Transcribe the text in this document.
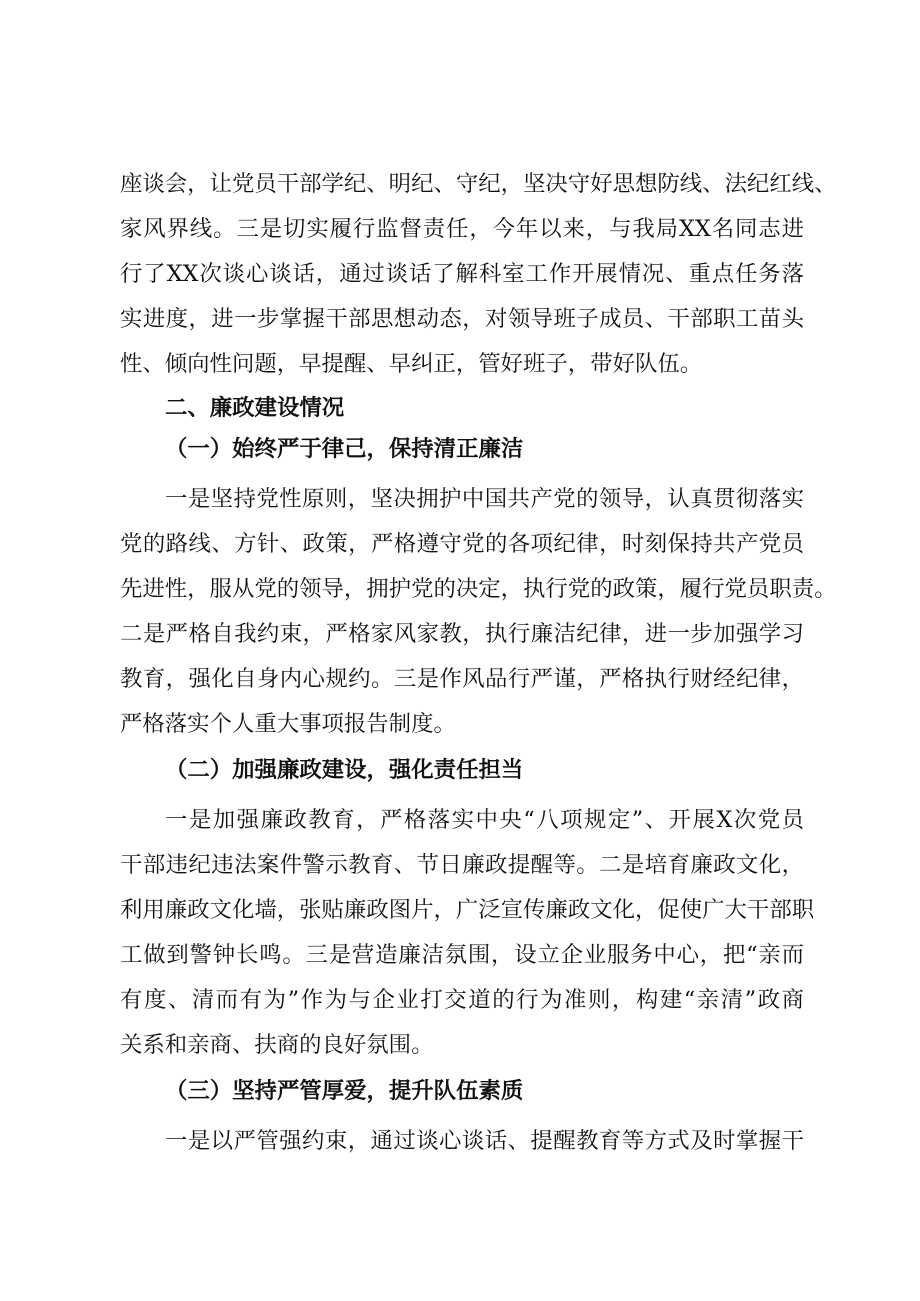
座谈会，让党员干部学纪、明纪、守纪，坚决守好思想防线、法纪红线、
家风界线。三是切实履行监督责任，今年以来，与我局XX名同志进
行了XX次谈心谈话，通过谈话了解科室工作开展情况、重点任务落
实进度，进一步掌握干部思想动态，对领导班子成员、干部职工苗头
性、倾向性问题，早提醒、早纠正，管好班子，带好队伍。
二、廉政建设情况
（一）始终严于律己，保持清正廉洁
一是坚持党性原则，坚决拥护中国共产党的领导，认真贯彻落实
党的路线、方针、政策，严格遵守党的各项纪律，时刻保持共产党员
先进性，服从党的领导，拥护党的决定，执行党的政策，履行党员职责。
二是严格自我约束，严格家风家教，执行廉洁纪律，进一步加强学习
教育，强化自身内心规约。三是作风品行严谨，严格执行财经纪律，
严格落实个人重大事项报告制度。
（二）加强廉政建设，强化责任担当
一是加强廉政教育，严格落实中央“八项规定”、开展X次党员
干部违纪违法案件警示教育、节日廉政提醒等。二是培育廉政文化，
利用廉政文化墙，张贴廉政图片，广泛宣传廉政文化，促使广大干部职
工做到警钟长鸣。三是营造廉洁氛围，设立企业服务中心，把“亲而
有度、清而有为”作为与企业打交道的行为准则，构建“亲清”政商
关系和亲商、扶商的良好氛围。
（三）坚持严管厚爱，提升队伍素质
一是以严管强约束，通过谈心谈话、提醒教育等方式及时掌握干
